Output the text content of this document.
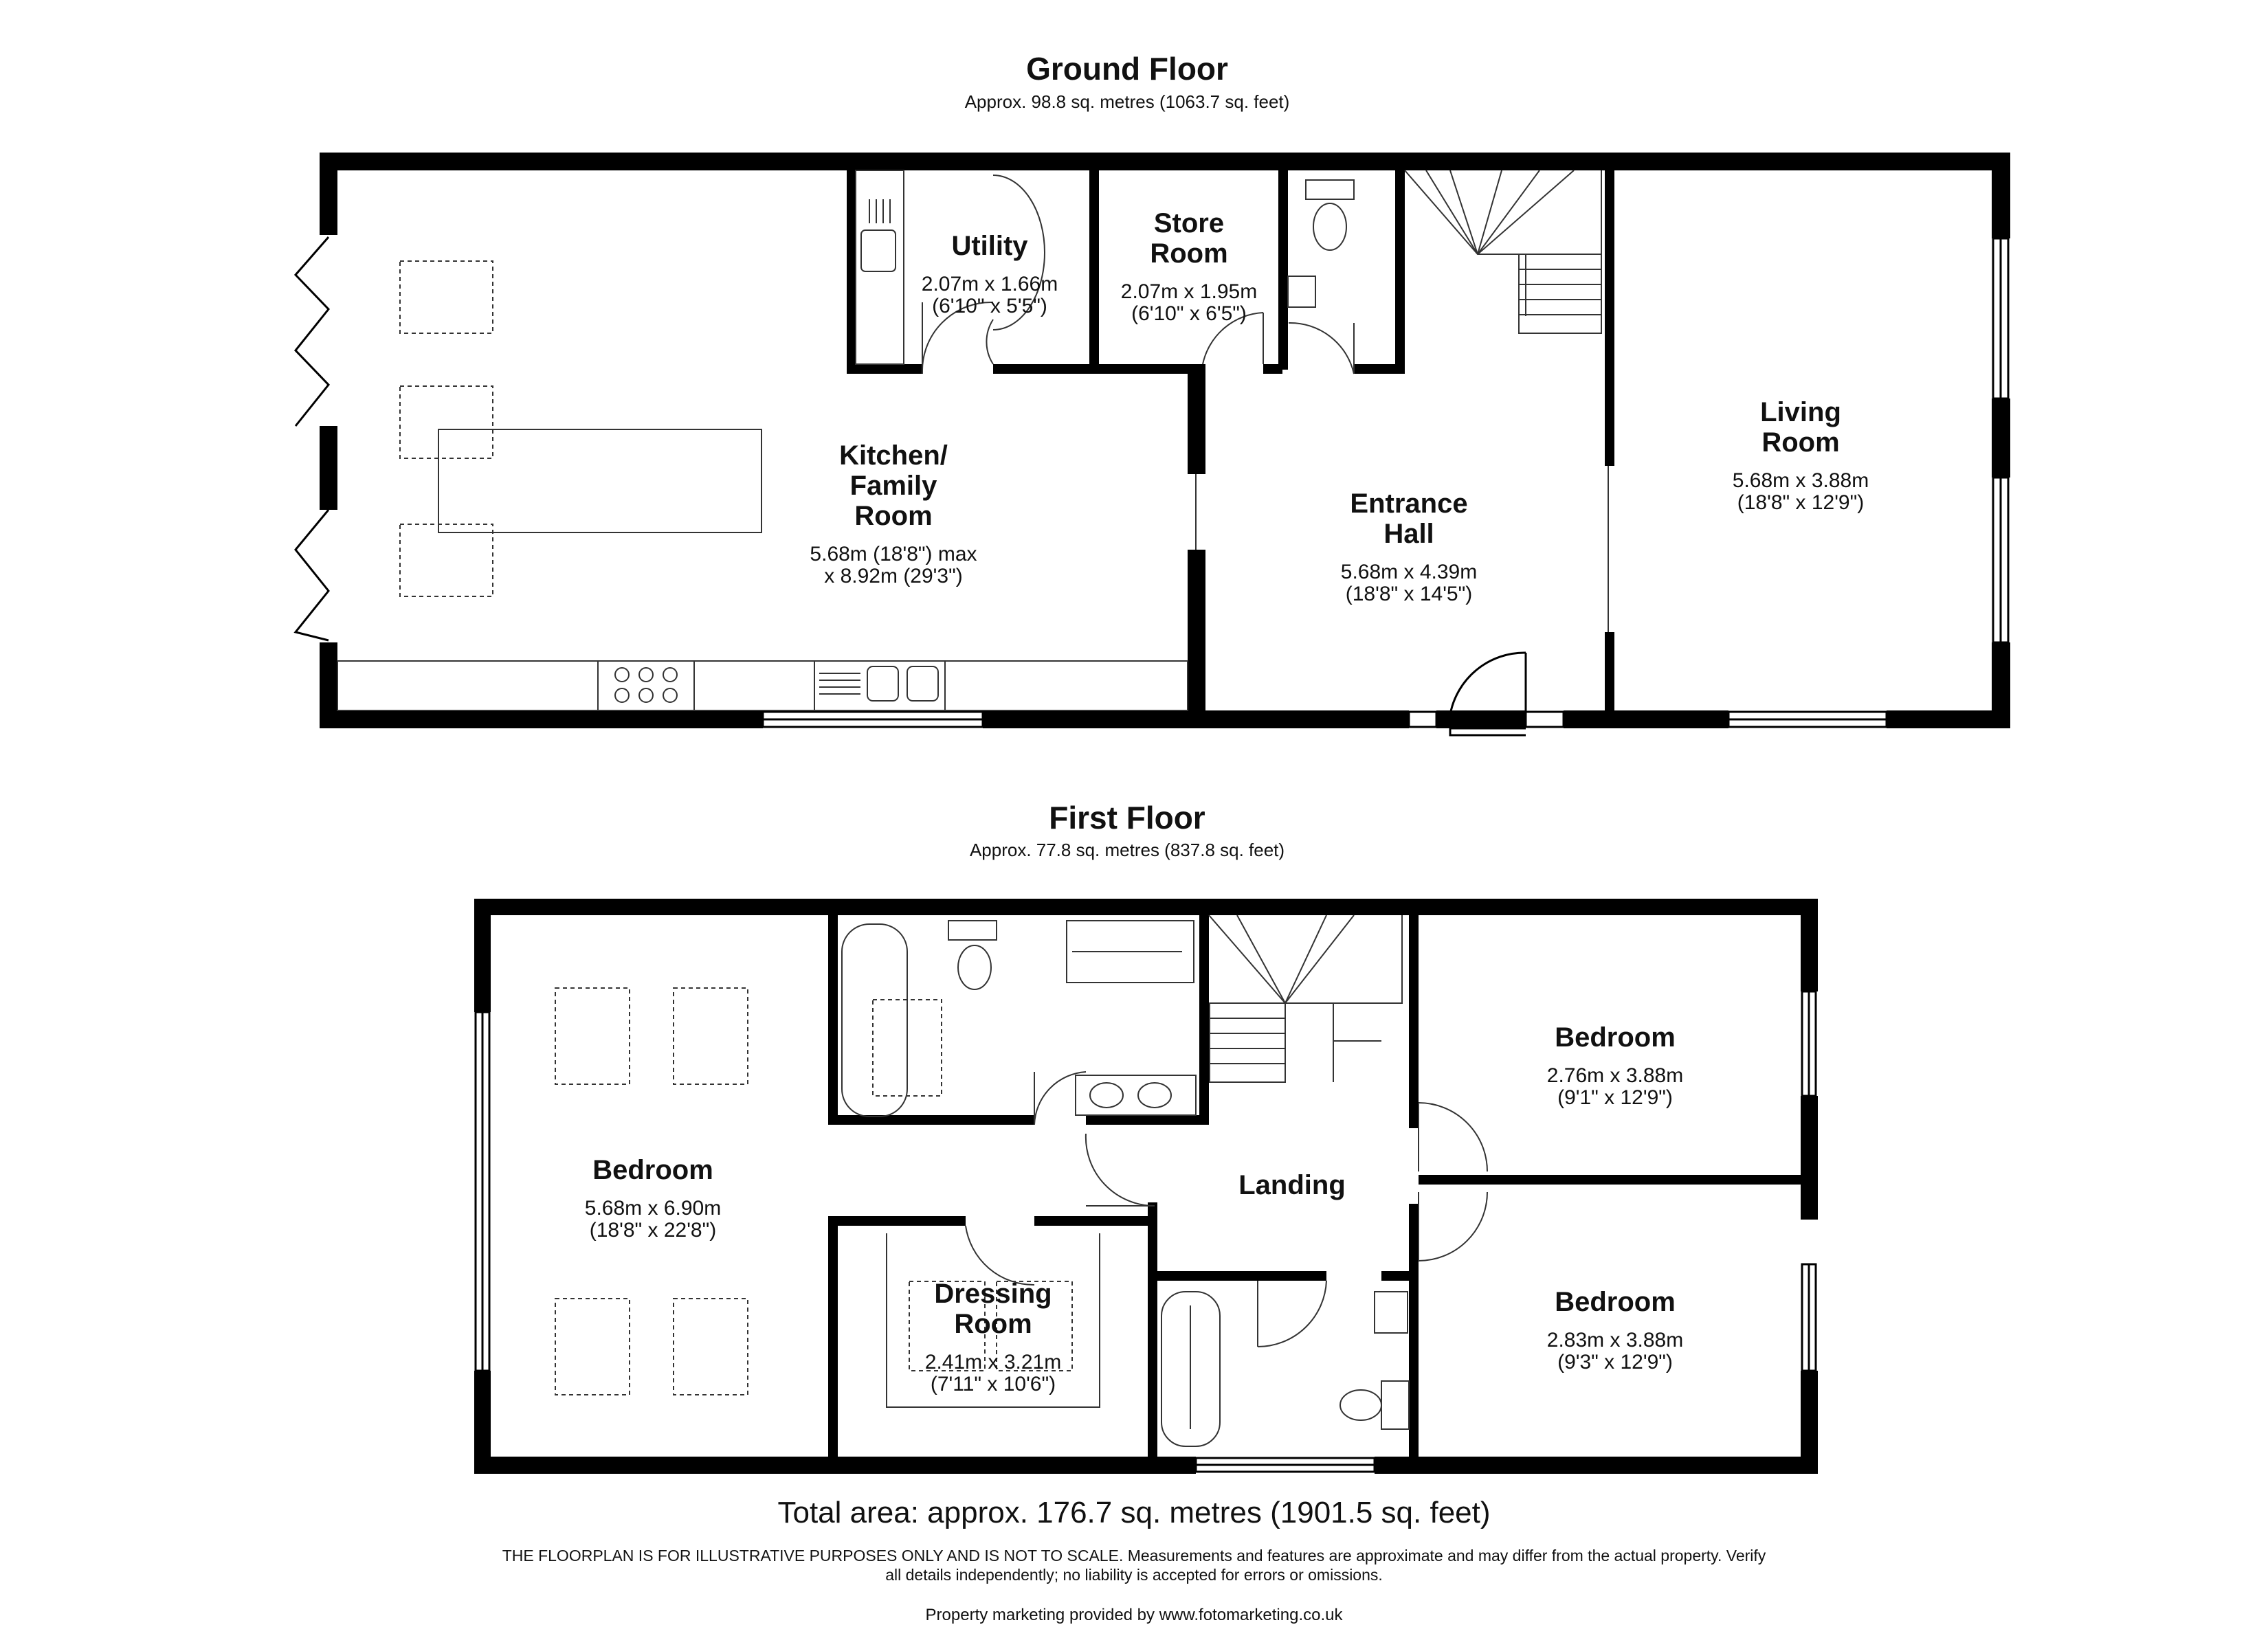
Ground Floor
Approx. 98.8 sq. metres (1063.7 sq. feet)
First Floor
Approx. 77.8 sq. metres (837.8 sq. feet)

Kitchen/
Family
Room

5.68m (18'8") max
x 8.92m (29'3")

Utility

2.07m x 1.66m
(6'10" x 5'5")

Store
Room

2.07m x 1.95m
(6'10" x 6'5")

Entrance
Hall

5.68m x 4.39m
(18'8" x 14'5")

Living
Room

5.68m x 3.88m
(18'8" x 12'9")

Bedroom

5.68m x 6.90m
(18'8" x 22'8")

Dressing
Room

2.41m x 3.21m
(7'11" x 10'6")

Landing

Bedroom

2.76m x 3.88m
(9'1" x 12'9")

Bedroom

2.83m x 3.88m
(9'3" x 12'9")

Total area: approx. 176.7 sq. metres (1901.5 sq. feet)
THE FLOORPLAN IS FOR ILLUSTRATIVE PURPOSES ONLY AND IS NOT TO SCALE. Measurements and features are approximate and may differ from the actual property. Verify
all details independently; no liability is accepted for errors or omissions.
Property marketing provided by www.fotomarketing.co.uk
